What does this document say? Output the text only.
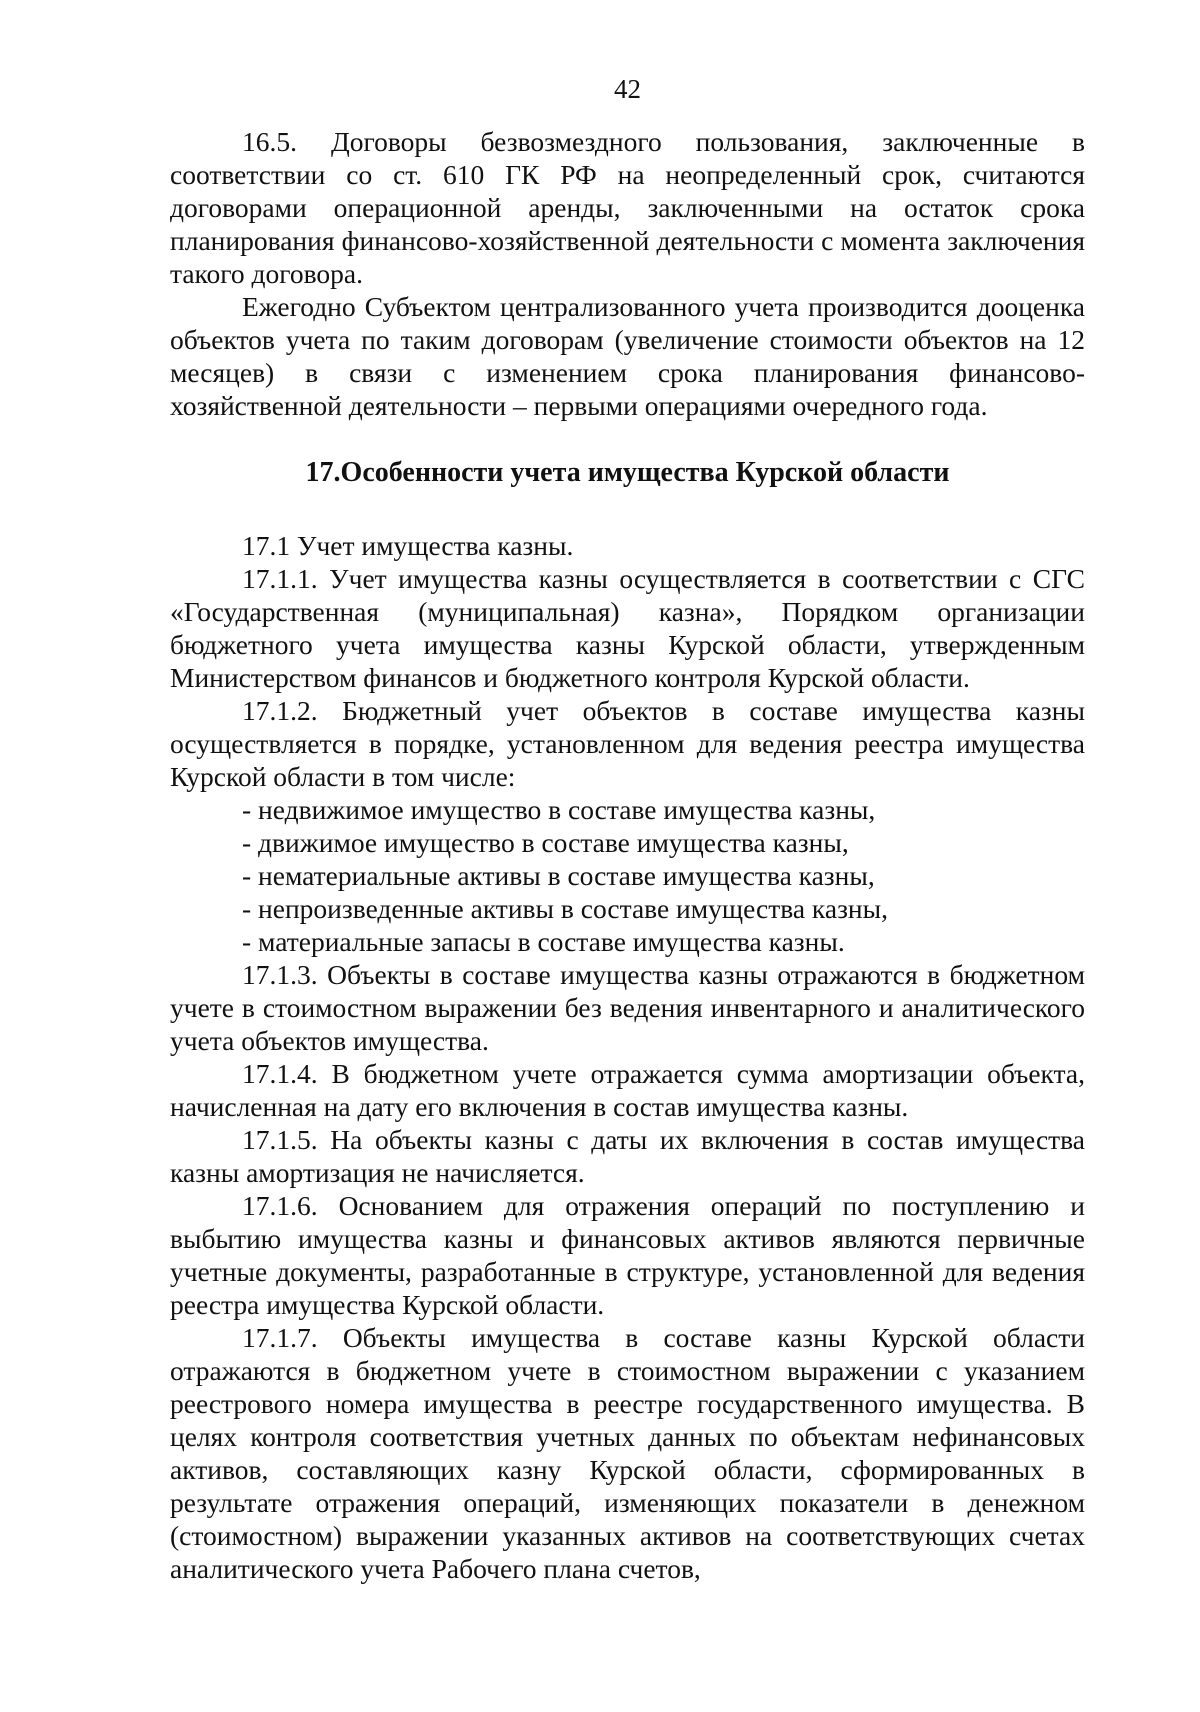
42

16.5. Договоры безвозмездного пользования, заключенные в соответствии со ст. 610 ГК РФ на неопределенный срок, считаются договорами операционной аренды, заключенными на остаток срока планирования финансово-хозяйственной деятельности с момента заключения такого договора.

Ежегодно Субъектом централизованного учета производится дооценка объектов учета по таким договорам (увеличение стоимости объектов на 12 месяцев) в связи с изменением срока планирования финансово-хозяйственной деятельности – первыми операциями очередного года.

17.Особенности учета имущества Курской области

17.1 Учет имущества казны.

17.1.1. Учет имущества казны осуществляется в соответствии с СГС «Государственная (муниципальная) казна», Порядком организации бюджетного учета имущества казны Курской области, утвержденным Министерством финансов и бюджетного контроля Курской области.

17.1.2. Бюджетный учет объектов в составе имущества казны осуществляется в порядке, установленном для ведения реестра имущества Курской области в том числе:

- недвижимое имущество в составе имущества казны,

- движимое имущество в составе имущества казны,

- нематериальные активы в составе имущества казны,

- непроизведенные активы в составе имущества казны,

- материальные запасы в составе имущества казны.

17.1.3. Объекты в составе имущества казны отражаются в бюджетном учете в стоимостном выражении без ведения инвентарного и аналитического учета объектов имущества.

17.1.4. В бюджетном учете отражается сумма амортизации объекта, начисленная на дату его включения в состав имущества казны.

17.1.5. На объекты казны с даты их включения в состав имущества казны амортизация не начисляется.

17.1.6. Основанием для отражения операций по поступлению и выбытию имущества казны и финансовых активов являются первичные учетные документы, разработанные в структуре, установленной для ведения реестра имущества Курской области.

17.1.7. Объекты имущества в составе казны Курской области отражаются в бюджетном учете в стоимостном выражении с указанием реестрового номера имущества в реестре государственного имущества. В целях контроля соответствия учетных данных по объектам нефинансовых активов, составляющих казну Курской области, сформированных в результате отражения операций, изменяющих показатели в денежном (стоимостном) выражении указанных активов на соответствующих счетах аналитического учета Рабочего плана счетов,
